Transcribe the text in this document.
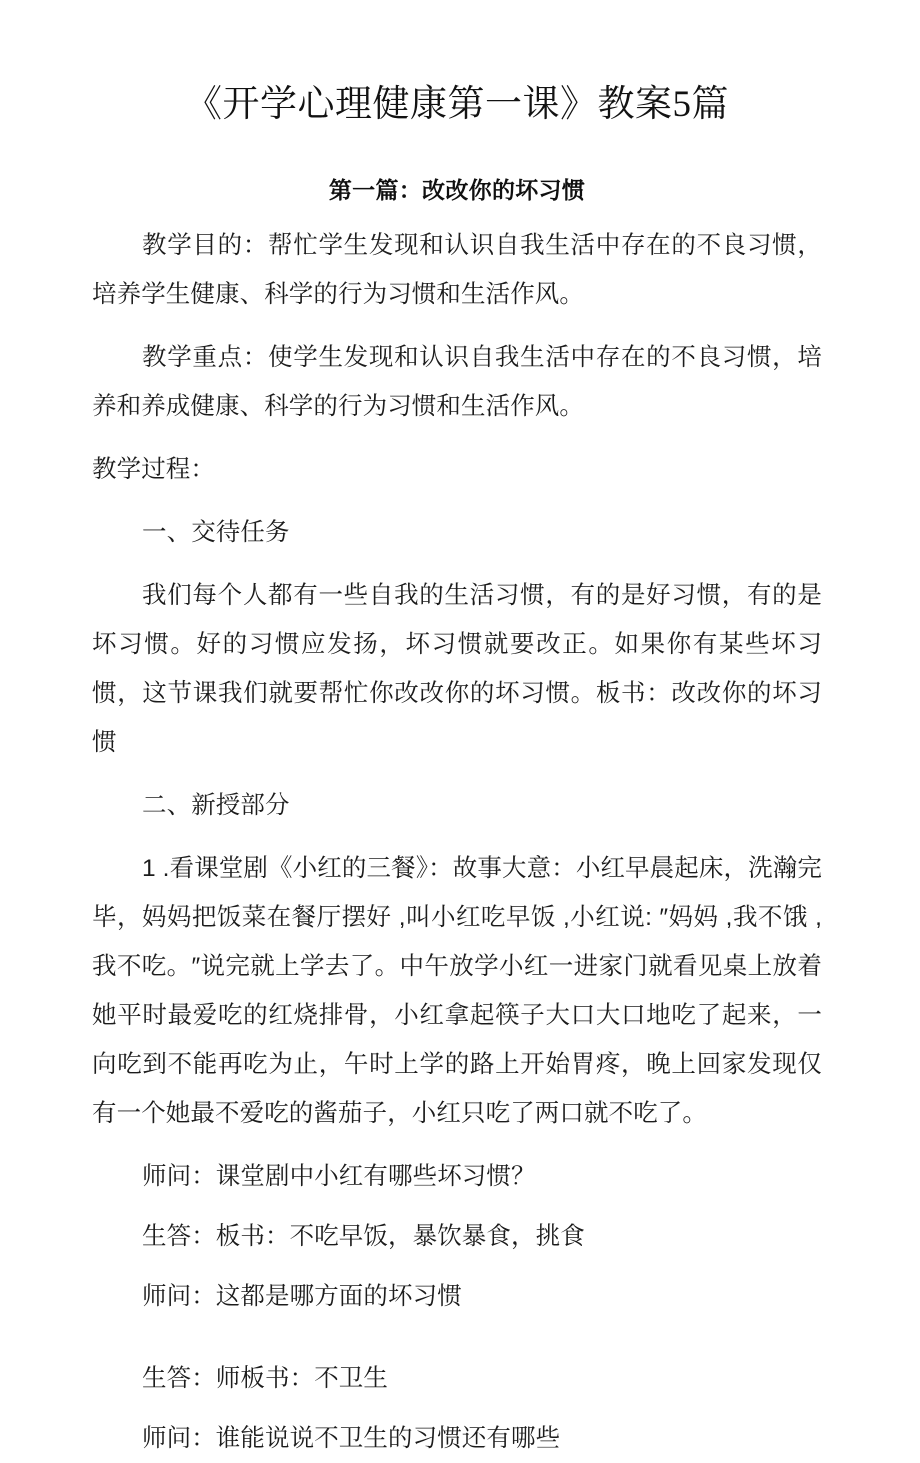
《开学心理健康第一课》教案5篇
第一篇：改改你的坏习惯

教学目的：帮忙学生发现和认识自我生活中存在的不良习惯，培养学生健康、科学的行为习惯和生活作风。

教学重点：使学生发现和认识自我生活中存在的不良习惯，培养和养成健康、科学的行为习惯和生活作风。

教学过程：

一、交待任务

我们每个人都有一些自我的生活习惯，有的是好习惯，有的是坏习惯。好的习惯应发扬，坏习惯就要改正。如果你有某些坏习惯，这节课我们就要帮忙你改改你的坏习惯。板书：改改你的坏习惯

二、新授部分

1 .看课堂剧《小红的三餐》：故事大意：小红早晨起床，洗瀚完毕，妈妈把饭菜在餐厅摆好 ,叫小红吃早饭 ,小红说: ″妈妈 ,我不饿 ,我不吃。″说完就上学去了。中午放学小红一进家门就看见桌上放着她平时最爱吃的红烧排骨，小红拿起筷子大口大口地吃了起来，一向吃到不能再吃为止，午时上学的路上开始胃疼，晚上回家发现仅有一个她最不爱吃的酱茄子，小红只吃了两口就不吃了。

师问：课堂剧中小红有哪些坏习惯？

生答：板书：不吃早饭，暴饮暴食，挑食

师问：这都是哪方面的坏习惯

生答：师板书：不卫生

师问：谁能说说不卫生的习惯还有哪些
